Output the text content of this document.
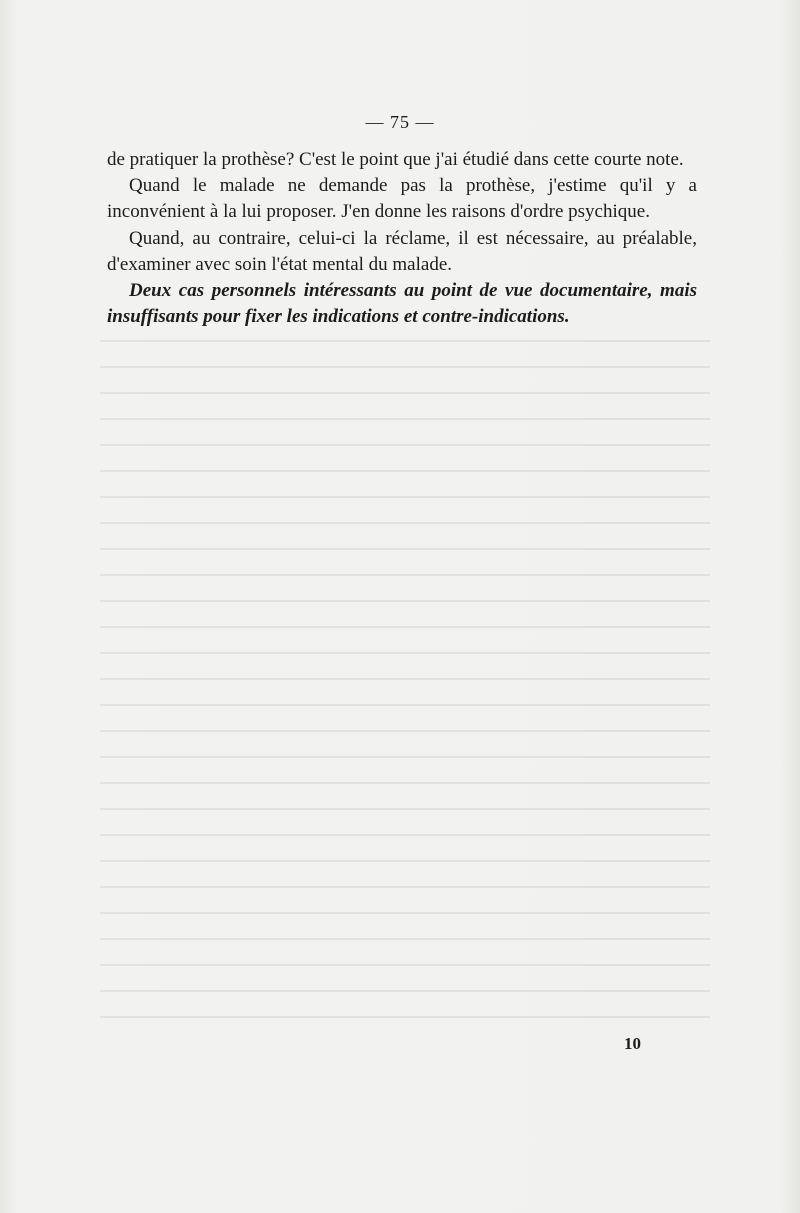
— 75 —

de pratiquer la prothèse? C'est le point que j'ai étudié dans cette courte note.

Quand le malade ne demande pas la prothèse, j'estime qu'il y a inconvénient à la lui proposer. J'en donne les raisons d'ordre psychique.

Quand, au contraire, celui-ci la réclame, il est nécessaire, au préalable, d'examiner avec soin l'état mental du malade.

Deux cas personnels intéressants au point de vue documentaire, mais insuffisants pour fixer les indications et contre-indications.

10
